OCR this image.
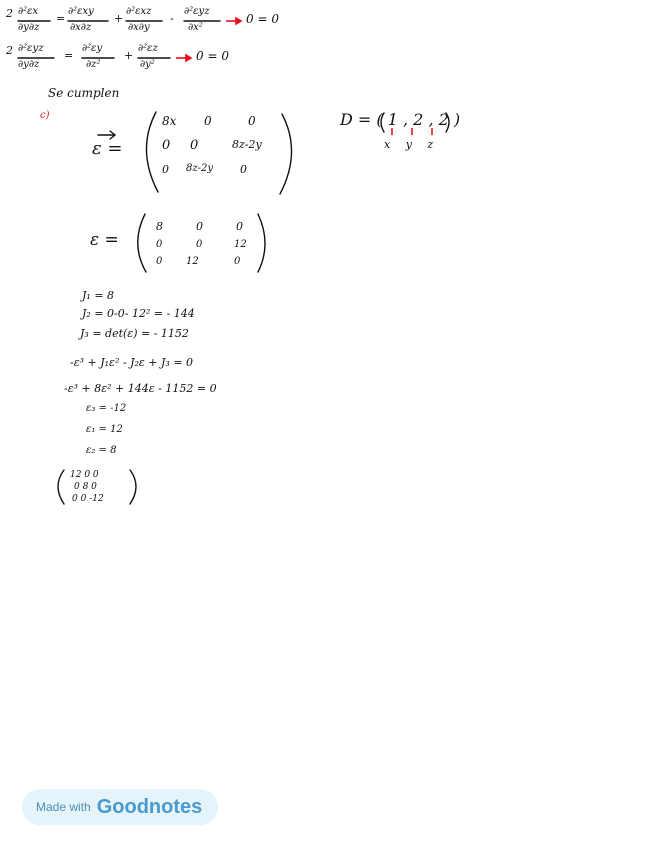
2 ∂²εx
∂y∂z
=
∂²εxy
∂x∂z
+
∂²εxz
∂x∂y
-
∂²εyz
∂x²
0 = 0
2 ∂²εyz
∂y∂z
=
∂²εy
∂z²
+
∂²εz
∂y²
0 = 0
Se cumplen
c)	D = ( 1 , 2 , 2 )
x y z
ε =
8x 0	0
0 0	8z-2y
0 8z-2y 0
ε =
8	0	0
0	0	12
0 12	0
J₁ = 8
J₂ = 0-0- 12² = - 144
J₃ = det(ε) = - 1152
-ε³ + J₁ε² - J₂ε + J₃ = 0
-ε³ + 8ε² + 144ε - 1152 = 0
ε₃ = -12
ε₁ = 12
ε₂ = 8
12 0 0
0 8 0
0 0 -12
Made with Goodnotes
